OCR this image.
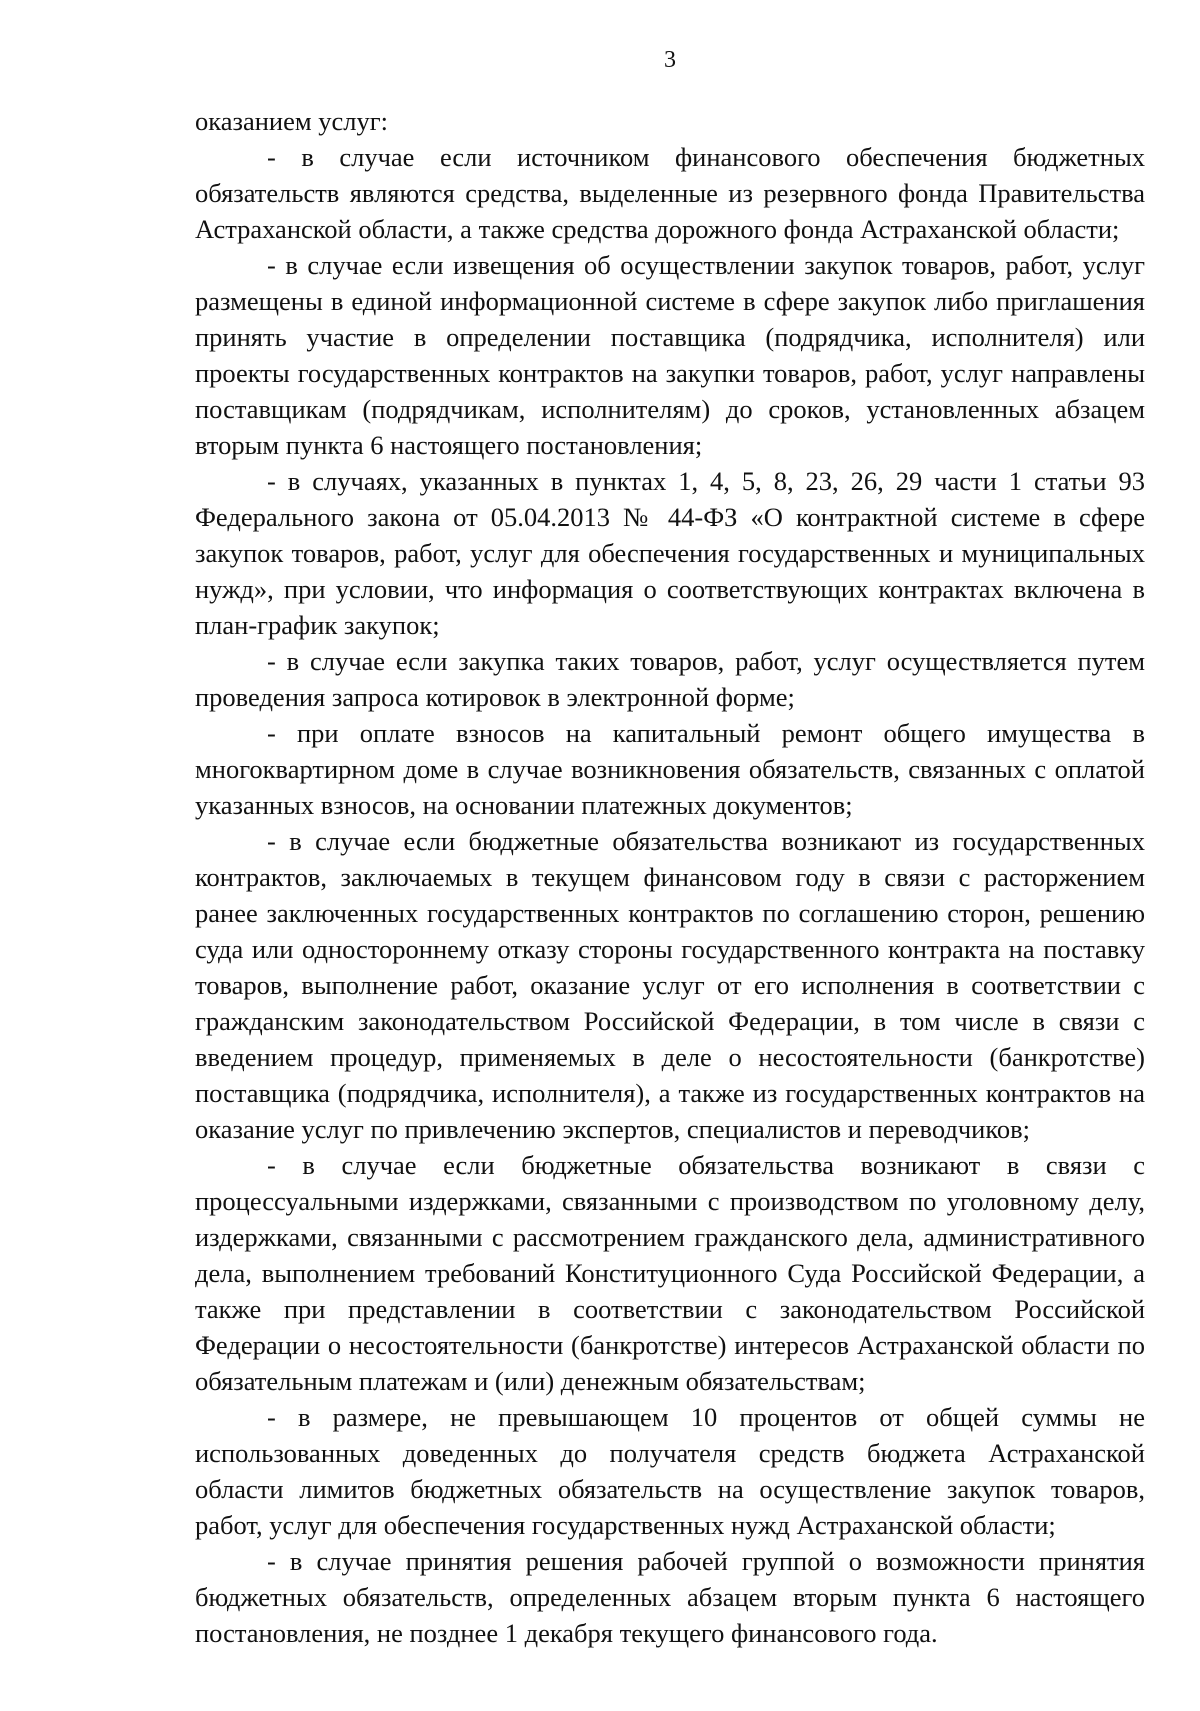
3

оказанием услуг:

- в случае если источником финансового обеспечения бюджетных обязательств являются средства, выделенные из резервного фонда Правительства Астраханской области, а также средства дорожного фонда Астраханской области;

- в случае если извещения об осуществлении закупок товаров, работ, услуг размещены в единой информационной системе в сфере закупок либо приглашения принять участие в определении поставщика (подрядчика, исполнителя) или проекты государственных контрактов на закупки товаров, работ, услуг направлены поставщикам (подрядчикам, исполнителям) до сроков, установленных абзацем вторым пункта 6 настоящего постановления;

- в случаях, указанных в пунктах 1, 4, 5, 8, 23, 26, 29 части 1 статьи 93 Федерального закона от 05.04.2013 № 44-ФЗ «О контрактной системе в сфере закупок товаров, работ, услуг для обеспечения государственных и муниципальных нужд», при условии, что информация о соответствующих контрактах включена в план-график закупок;

- в случае если закупка таких товаров, работ, услуг осуществляется путем проведения запроса котировок в электронной форме;

- при оплате взносов на капитальный ремонт общего имущества в многоквартирном доме в случае возникновения обязательств, связанных с оплатой указанных взносов, на основании платежных документов;

- в случае если бюджетные обязательства возникают из государственных контрактов, заключаемых в текущем финансовом году в связи с расторжением ранее заключенных государственных контрактов по соглашению сторон, решению суда или одностороннему отказу стороны государственного контракта на поставку товаров, выполнение работ, оказание услуг от его исполнения в соответствии с гражданским законодательством Российской Федерации, в том числе в связи с введением процедур, применяемых в деле о несостоятельности (банкротстве) поставщика (подрядчика, исполнителя), а также из государственных контрактов на оказание услуг по привлечению экспертов, специалистов и переводчиков;

- в случае если бюджетные обязательства возникают в связи с процессуальными издержками, связанными с производством по уголовному делу, издержками, связанными с рассмотрением гражданского дела, административного дела, выполнением требований Конституционного Суда Российской Федерации, а также при представлении в соответствии с законодательством Российской Федерации о несостоятельности (банкротстве) интересов Астраханской области по обязательным платежам и (или) денежным обязательствам;

- в размере, не превышающем 10 процентов от общей суммы не использованных доведенных до получателя средств бюджета Астраханской области лимитов бюджетных обязательств на осуществление закупок товаров, работ, услуг для обеспечения государственных нужд Астраханской области;

- в случае принятия решения рабочей группой о возможности принятия бюджетных обязательств, определенных абзацем вторым пункта 6 настоящего постановления, не позднее 1 декабря текущего финансового года.
